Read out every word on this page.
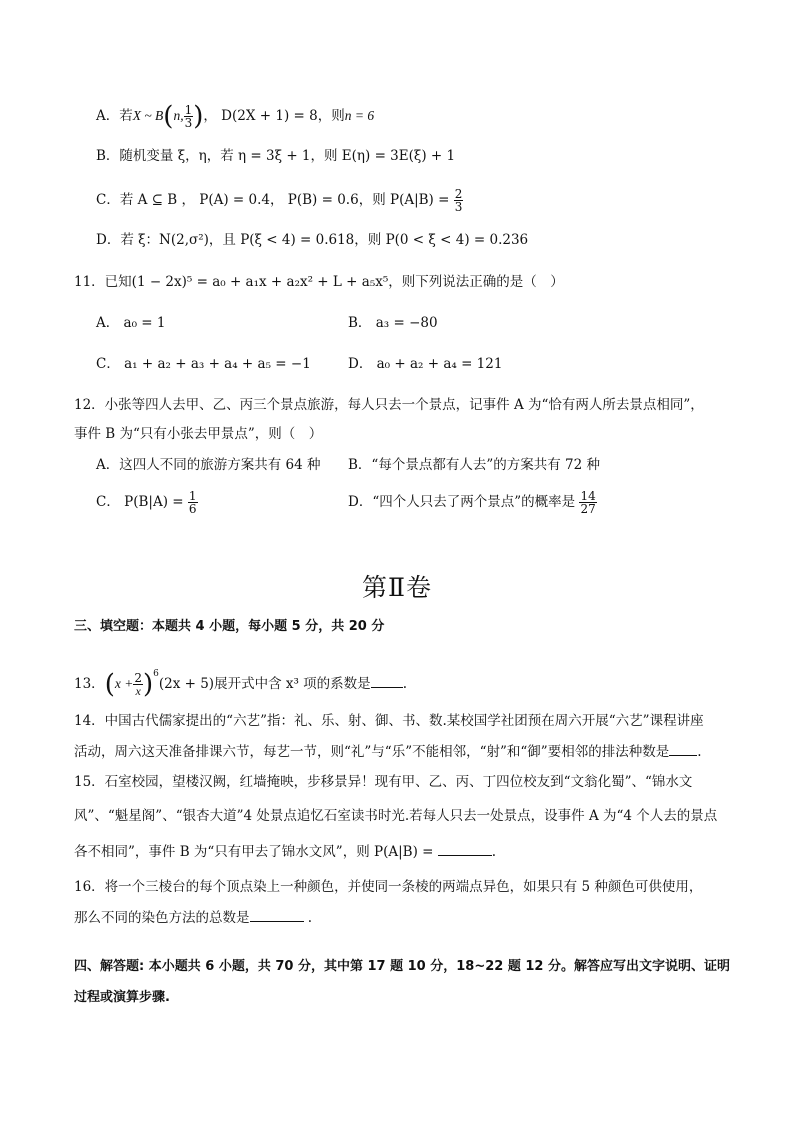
A．若X ~ B(n, $\frac{1}{3}$ )， D(2X + 1) = 8，则n = 6
B．随机变量 ξ，η，若 η = 3ξ + 1，则 E(η) = 3E(ξ) + 1
C．若 A ⊆ B ， P(A) = 0.4， P(B) = 0.6，则 $P(A|B) = \frac{2}{3}$
D．若 ξ：N(2,σ²)，且 P(ξ < 4) = 0.618，则 P(0 < ξ < 4) = 0.236
11．已知(1 − 2x)⁵ = a₀ + a₁x + a₂x² + L + a₅x⁵，则下列说法正确的是（　）
A． a₀ = 1	B． a₃ = −80
C． a₁ + a₂ + a₃ + a₄ + a₅ = −1	D． a₀ + a₂ + a₄ = 121
12．小张等四人去甲、乙、丙三个景点旅游，每人只去一个景点，记事件 A 为“恰有两人所去景点相同”，
事件 B 为“只有小张去甲景点”，则（　）
A．这四人不同的旅游方案共有 64 种 B．“每个景点都有人去”的方案共有 72 种
C． $P(B|A) = \frac{1}{6}$	D．“四个人只去了两个景点”的概率是 $\frac{14}{27}$
第Ⅱ卷
三、填空题：本题共 4 小题，每小题 5 分，共 20 分
13．$(x + \frac{2}{x} )^6(2x + 5)$展开式中含 x³ 项的系数是 .
14．中国古代儒家提出的“六艺”指：礼、乐、射、御、书、数.某校国学社团预在周六开展“六艺”课程讲座
活动，周六这天准备排课六节，每艺一节，则“礼”与“乐”不能相邻，“射”和“御”要相邻的排法种数是 .
15．石室校园，望楼汉阙，红墙掩映，步移景异！现有甲、乙、丙、丁四位校友到“文翁化蜀”、“锦水文
风”、“魁星阁”、“银杏大道”4 处景点追忆石室读书时光.若每人只去一处景点，设事件 A 为“4 个人去的景点
各不相同”，事件 B 为“只有甲去了锦水文风”，则 P(A|B) =	.
16．将一个三棱台的每个顶点染上一种颜色，并使同一条棱的两端点异色，如果只有 5 种颜色可供使用，
那么不同的染色方法的总数是	.
四、解答题: 本小题共 6 小题，共 70 分，其中第 17 题 10 分，18~22 题 12 分。解答应写出文字说明、证明
过程或演算步骤.
